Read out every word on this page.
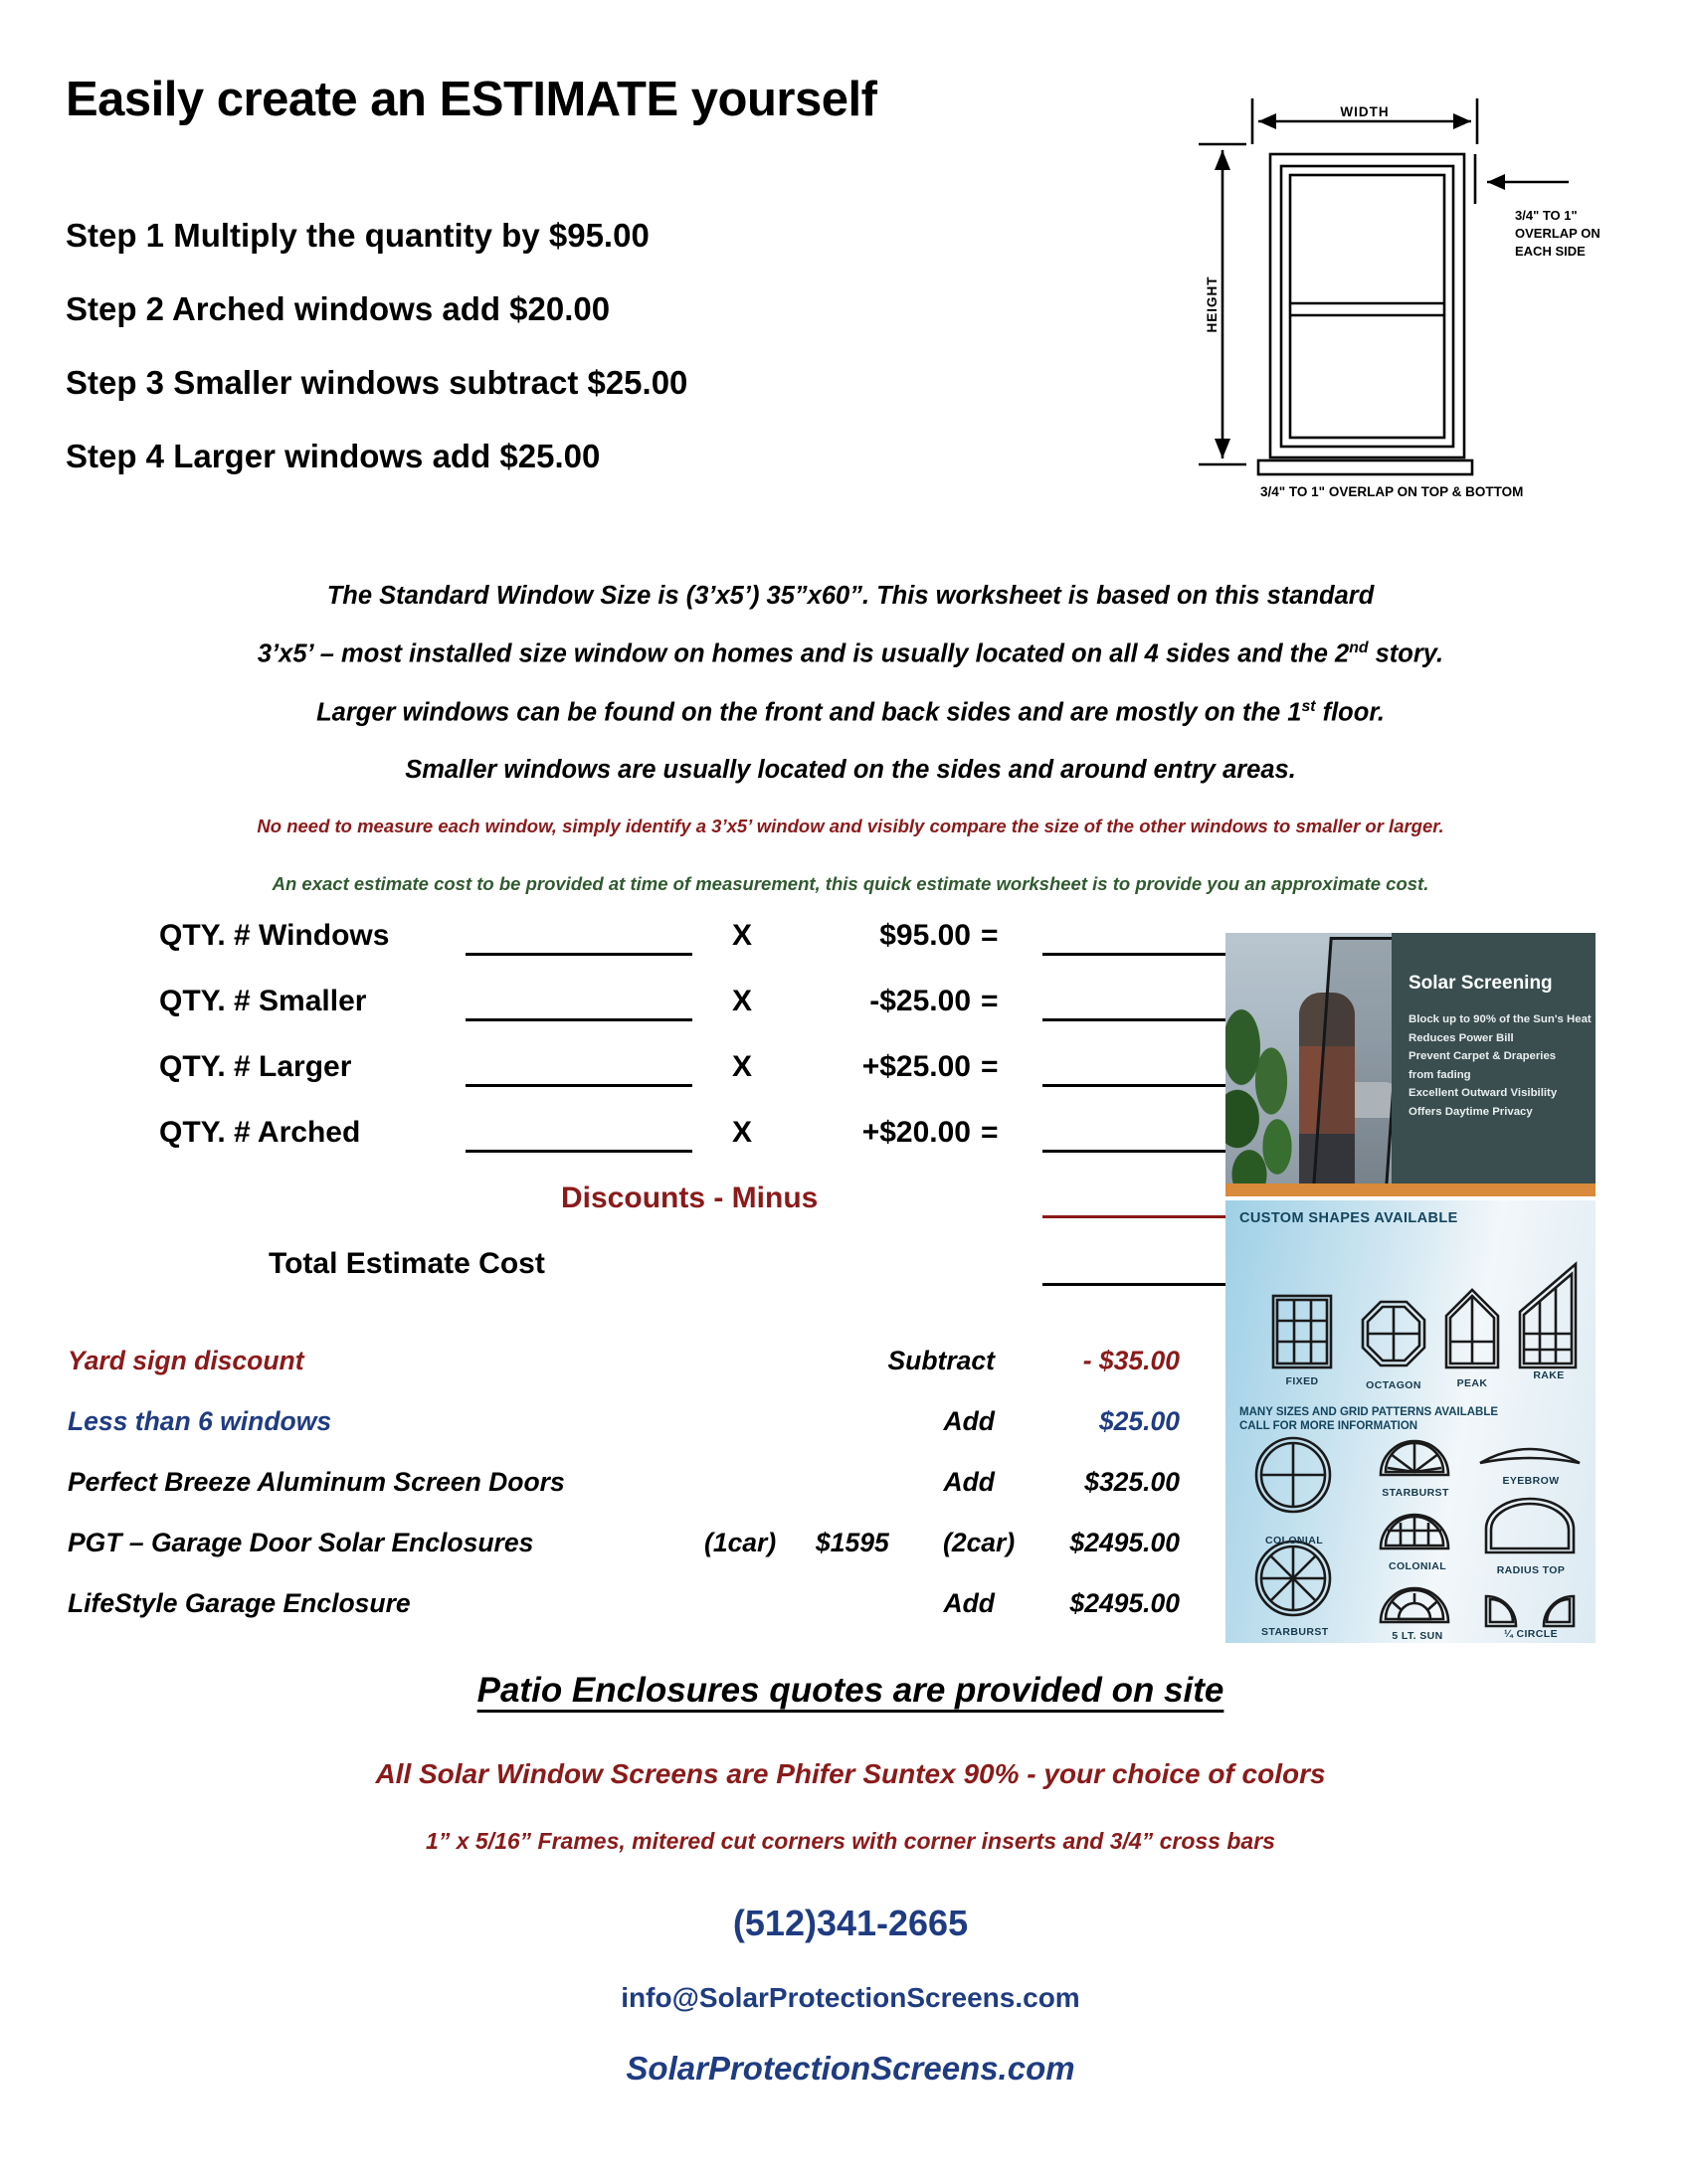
Easily create an ESTIMATE yourself
Step 1 Multiply the quantity by $95.00
Step 2 Arched windows add $20.00
Step 3 Smaller windows subtract $25.00
Step 4 Larger windows add $25.00
WIDTH
HEIGHT
3/4" TO 1"
OVERLAP ON
EACH SIDE
3/4" TO 1" OVERLAP ON TOP & BOTTOM
The Standard Window Size is (3’x5’) 35”x60”. This worksheet is based on this standard
3’x5’ – most installed size window on homes and is usually located on all 4 sides and the 2nd story.
Larger windows can be found on the front and back sides and are mostly on the 1st floor.
Smaller windows are usually located on the sides and around entry areas.
No need to measure each window, simply identify a 3’x5’ window and visibly compare the size of the other windows to smaller or larger.
An exact estimate cost to be provided at time of measurement, this quick estimate worksheet is to provide you an approximate cost.
QTY. # Windows	X	$95.00 =
QTY. # Smaller	X	-$25.00 =
QTY. # Larger	X	+$25.00 =
QTY. # Arched	X	+$20.00 =
Discounts - Minus
Total Estimate Cost
Yard sign discount	Subtract	- $35.00
Less than 6 windows	Add	$25.00
Perfect Breeze Aluminum Screen Doors	Add	$325.00
PGT – Garage Door Solar Enclosures	(1car) $1595 (2car)	$2495.00
LifeStyle Garage Enclosure	Add	$2495.00
Patio Enclosures quotes are provided on site
All Solar Window Screens are Phifer Suntex 90% - your choice of colors
1” x 5/16” Frames, mitered cut corners with corner inserts and 3/4” cross bars
(512)341-2665
info@SolarProtectionScreens.com
SolarProtectionScreens.com
Solar Screening
Block up to 90% of the Sun's Heat
Reduces Power Bill
Prevent Carpet & Draperies
from fading
Excellent Outward Visibility
Offers Daytime Privacy
CUSTOM SHAPES AVAILABLE
MANY SIZES AND GRID PATTERNS AVAILABLE
CALL FOR MORE INFORMATION
FIXED	OCTAGON	PEAK
RAKE
COLONIAL
STARBURST
EYEBROW
COLONIAL	RADIUS TOP
STARBURST	5 LT. SUN	¼ CIRCLE
